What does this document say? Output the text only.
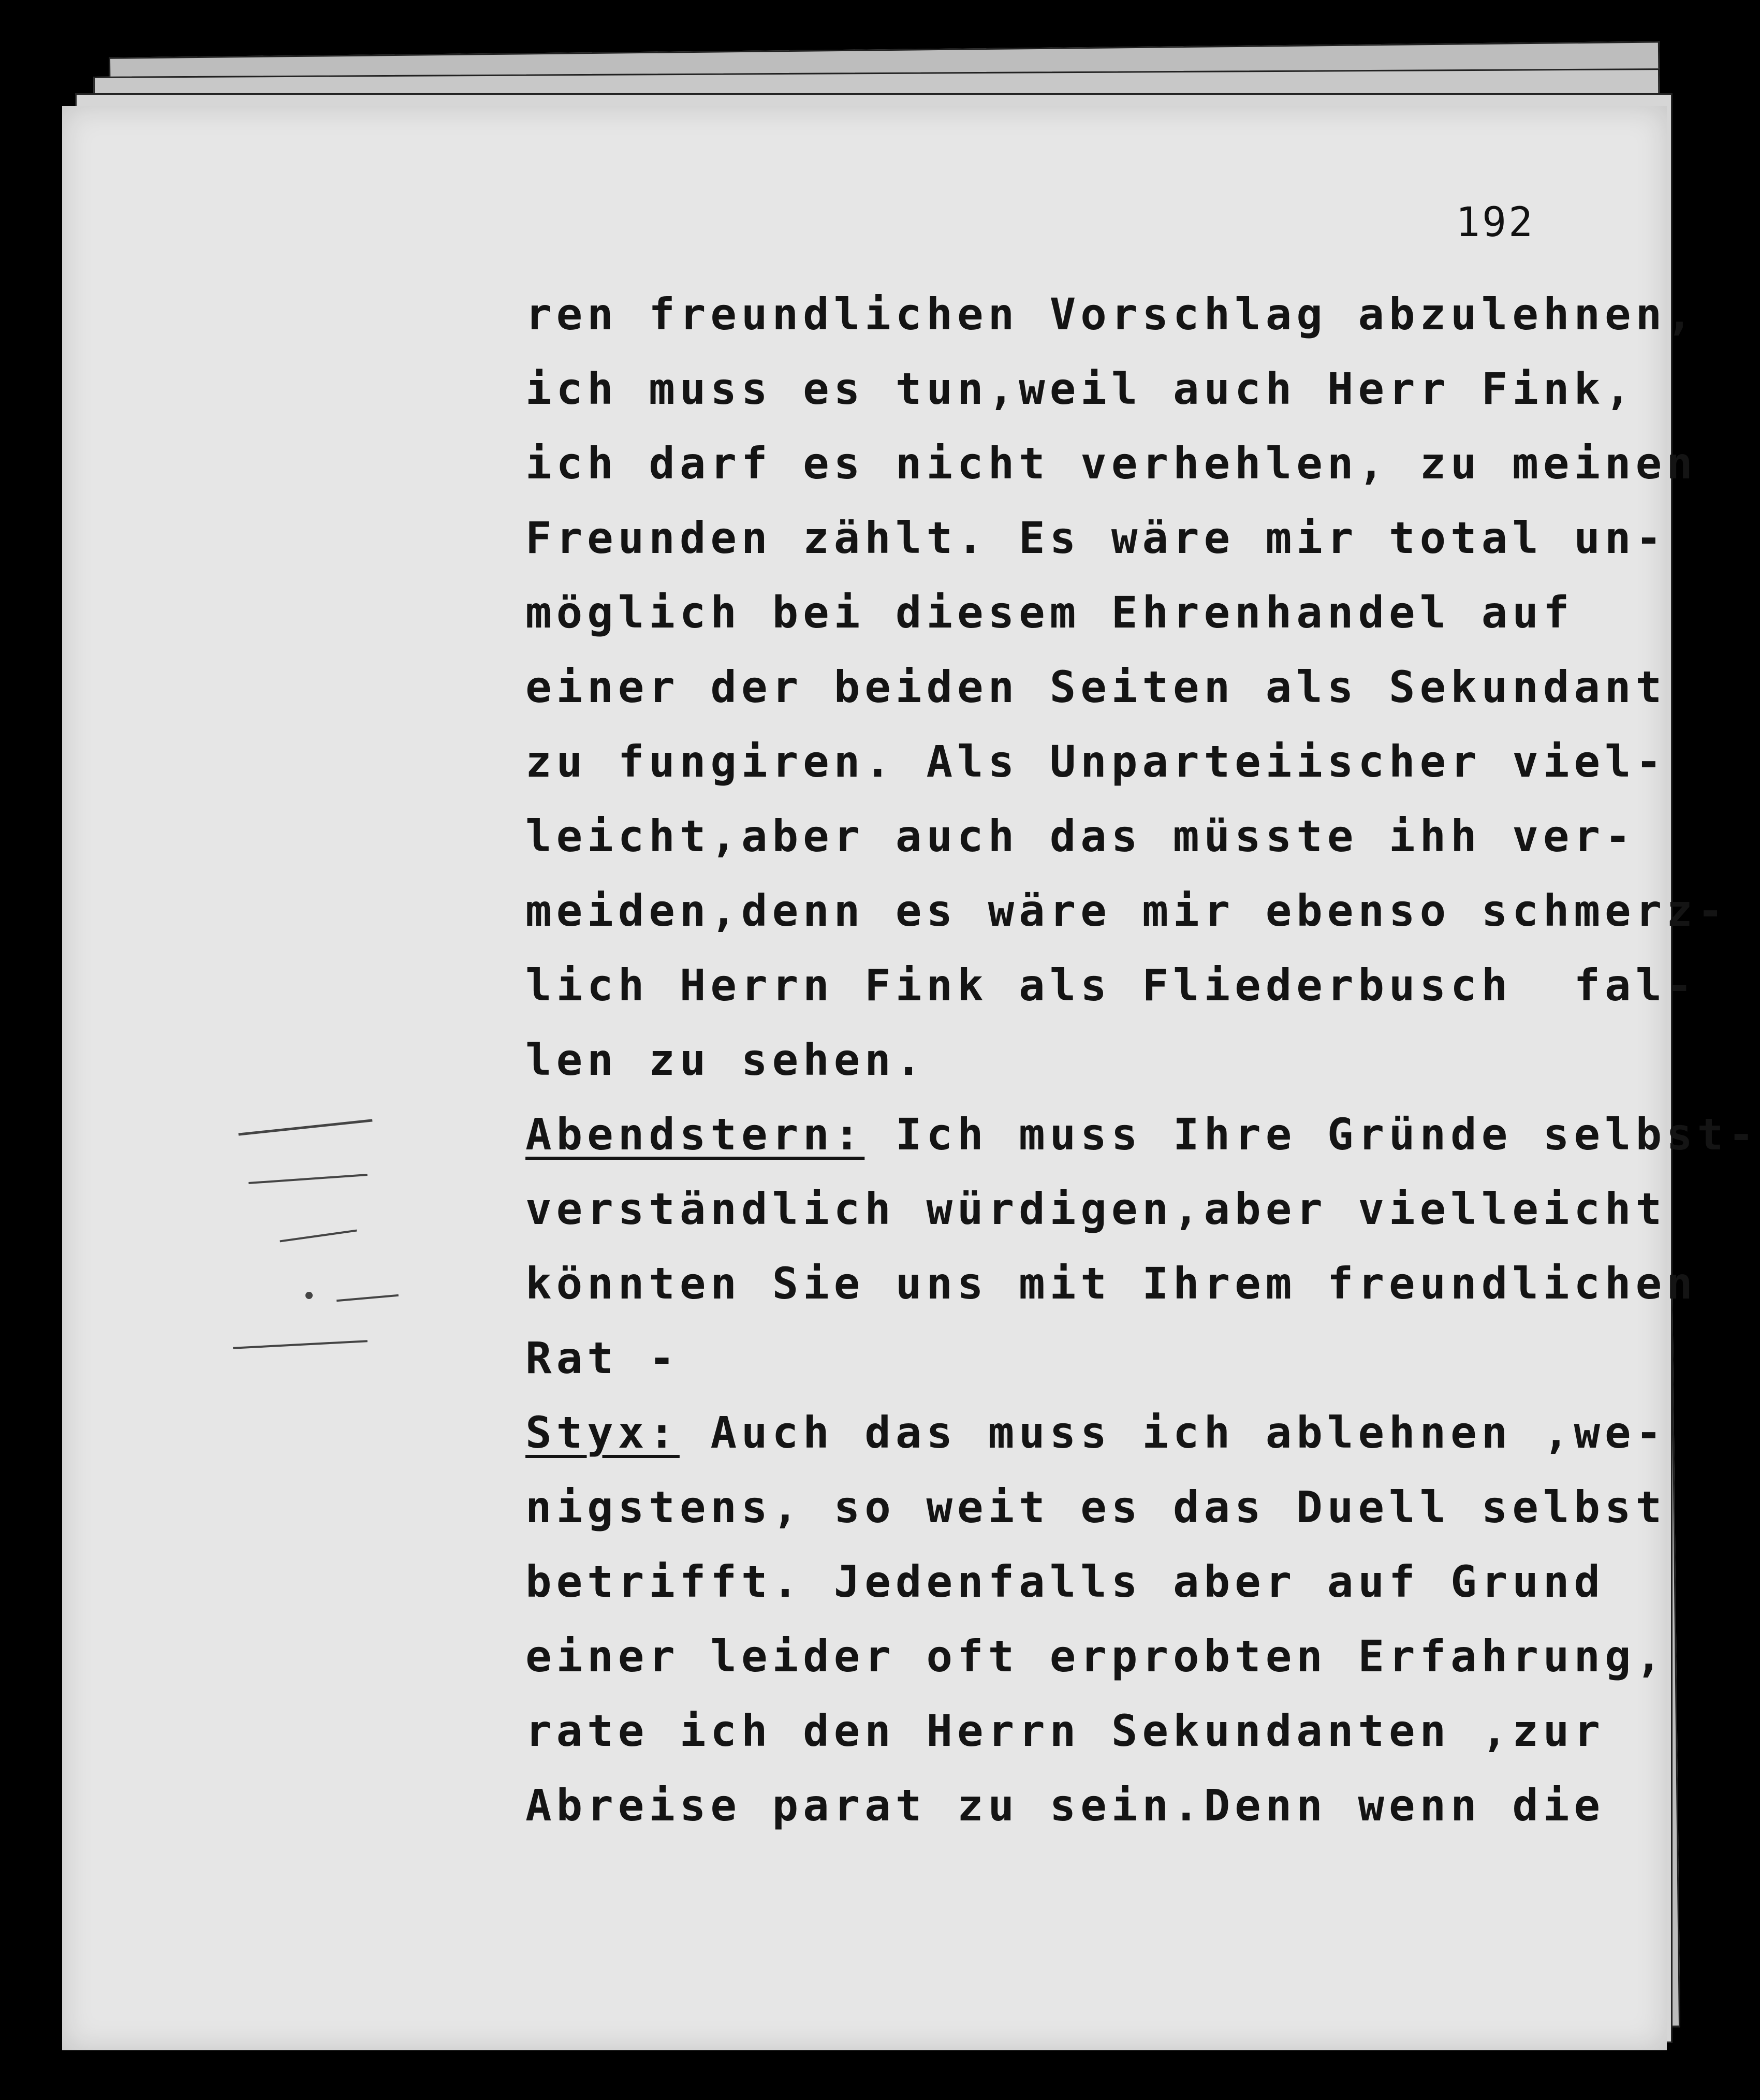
192
ren freundlichen Vorschlag abzulehnen,
ich muss es tun,weil auch Herr Fink,
ich darf es nicht verhehlen, zu meinen
Freunden zählt. Es wäre mir total un-
möglich bei diesem Ehrenhandel auf
einer der beiden Seiten als Sekundant
zu fungiren. Als Unparteiischer viel-
leicht,aber auch das müsste ihh ver-
meiden,denn es wäre mir ebenso schmerz-
lich Herrn Fink als Fliederbusch  fal-
len zu sehen.
Abendstern: Ich muss Ihre Gründe selbst-
verständlich würdigen,aber vielleicht
könnten Sie uns mit Ihrem freundlichen
Rat -
Styx: Auch das muss ich ablehnen ,we-
nigstens, so weit es das Duell selbst
betrifft. Jedenfalls aber auf Grund
einer leider oft erprobten Erfahrung,
rate ich den Herrn Sekundanten ,zur
Abreise parat zu sein.Denn wenn die
